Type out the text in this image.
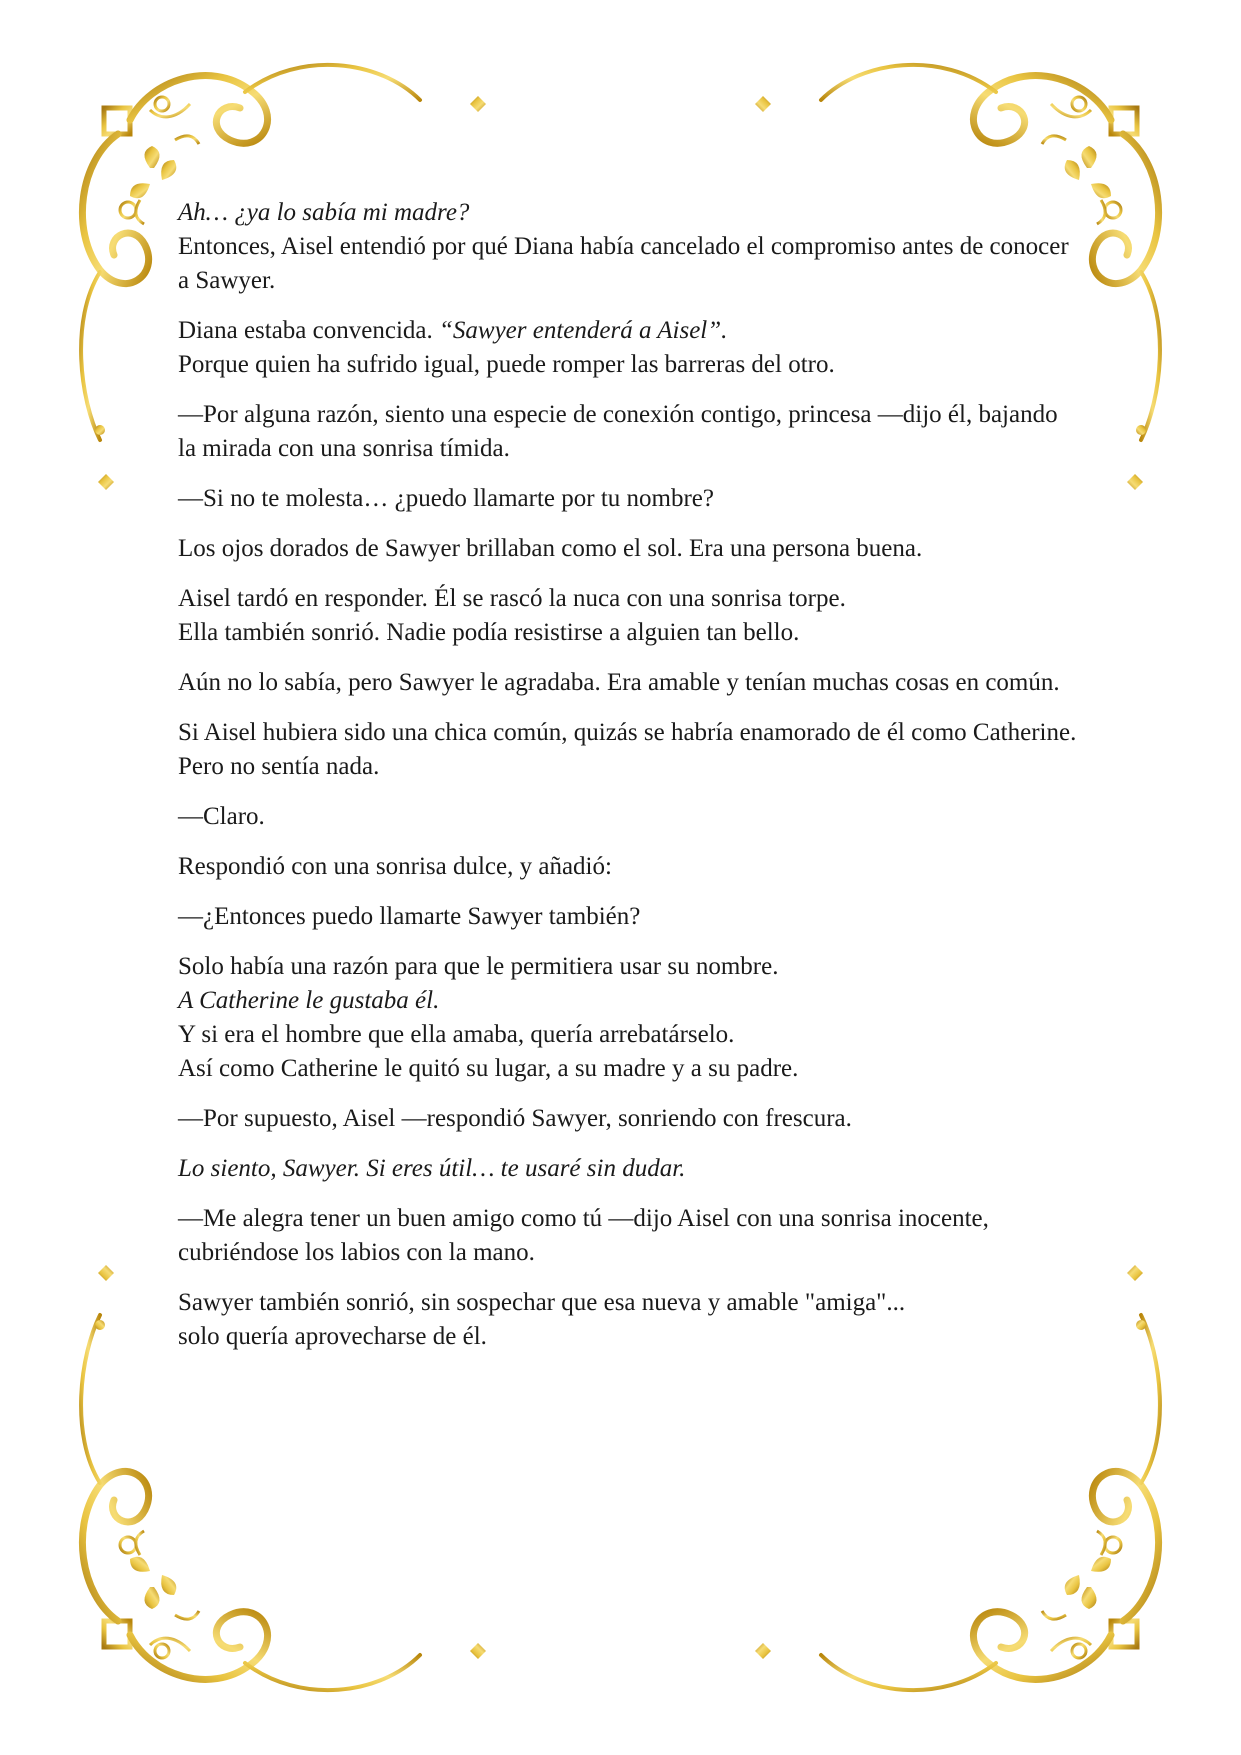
Ah… ¿ya lo sabía mi madre?
Entonces, Aisel entendió por qué Diana había cancelado el compromiso antes de conocer a Sawyer.

Diana estaba convencida. “Sawyer entenderá a Aisel”.
Porque quien ha sufrido igual, puede romper las barreras del otro.

—Por alguna razón, siento una especie de conexión contigo, princesa —dijo él, bajando la mirada con una sonrisa tímida.

—Si no te molesta… ¿puedo llamarte por tu nombre?

Los ojos dorados de Sawyer brillaban como el sol. Era una persona buena.

Aisel tardó en responder. Él se rascó la nuca con una sonrisa torpe.
Ella también sonrió. Nadie podía resistirse a alguien tan bello.

Aún no lo sabía, pero Sawyer le agradaba. Era amable y tenían muchas cosas en común.

Si Aisel hubiera sido una chica común, quizás se habría enamorado de él como Catherine.
Pero no sentía nada.

—Claro.

Respondió con una sonrisa dulce, y añadió:

—¿Entonces puedo llamarte Sawyer también?

Solo había una razón para que le permitiera usar su nombre.
A Catherine le gustaba él.
Y si era el hombre que ella amaba, quería arrebatárselo.
Así como Catherine le quitó su lugar, a su madre y a su padre.

—Por supuesto, Aisel —respondió Sawyer, sonriendo con frescura.

Lo siento, Sawyer. Si eres útil… te usaré sin dudar.

—Me alegra tener un buen amigo como tú —dijo Aisel con una sonrisa inocente, cubriéndose los labios con la mano.

Sawyer también sonrió, sin sospechar que esa nueva y amable "amiga"...
solo quería aprovecharse de él.
